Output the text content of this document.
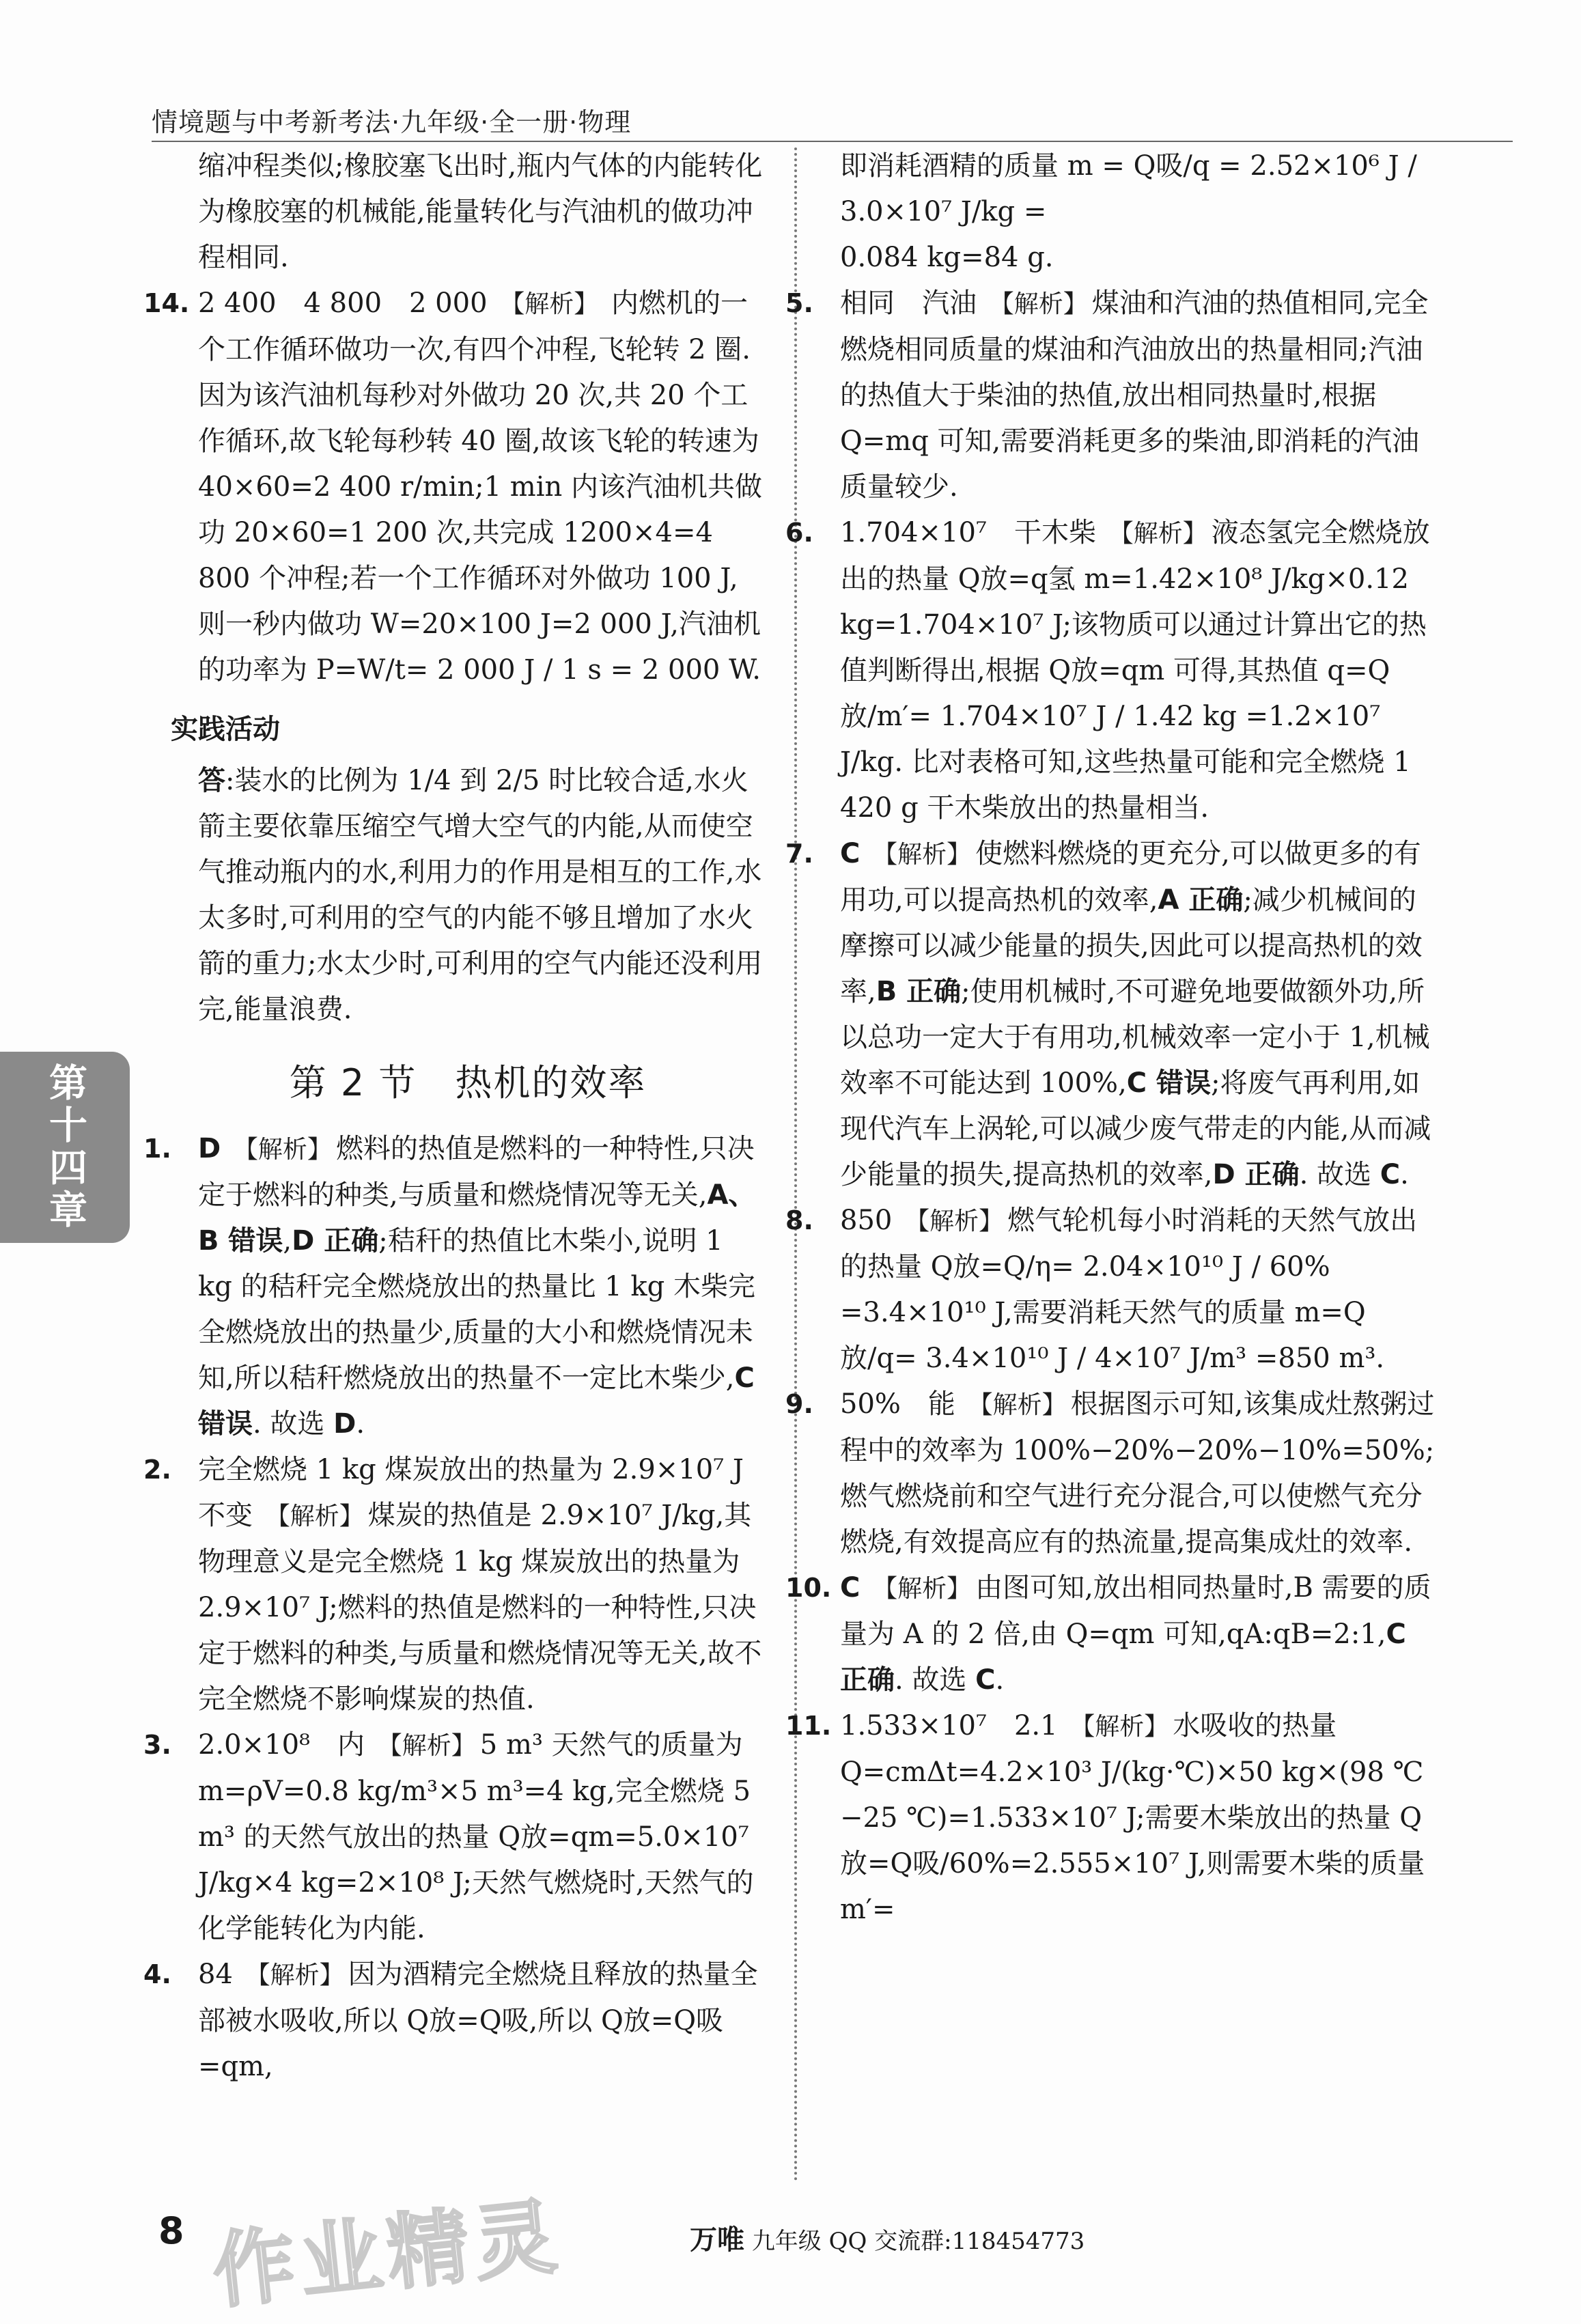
情境题与中考新考法·九年级·全一册·物理
第十四章

缩冲程类似;橡胶塞飞出时,瓶内气体的内能转化为橡胶塞的机械能,能量转化与汽油机的做功冲程相同.

14. 2 400　4 800　2 000 【解析】 内燃机的一个工作循环做功一次,有四个冲程,飞轮转 2 圈.因为该汽油机每秒对外做功 20 次,共 20 个工作循环,故飞轮每秒转 40 圈,故该飞轮的转速为 40×60=2 400 r/min;1 min 内该汽油机共做功 20×60=1 200 次,共完成 1200×4=4 800 个冲程;若一个工作循环对外做功 100 J,则一秒内做功 W=20×100 J=2 000 J,汽油机的功率为 P=W/t= 2 000 J / 1 s = 2 000 W.
实践活动
答:装水的比例为 1/4 到 2/5 时比较合适,水火箭主要依靠压缩空气增大空气的内能,从而使空气推动瓶内的水,利用力的作用是相互的工作,水太多时,可利用的空气的内能不够且增加了水火箭的重力;水太少时,可利用的空气内能还没利用完,能量浪费.
第 2 节　热机的效率
1. D 【解析】 燃料的热值是燃料的一种特性,只决定于燃料的种类,与质量和燃烧情况等无关,A、B 错误,D 正确;秸秆的热值比木柴小,说明 1 kg 的秸秆完全燃烧放出的热量比 1 kg 木柴完全燃烧放出的热量少,质量的大小和燃烧情况未知,所以秸秆燃烧放出的热量不一定比木柴少,C 错误. 故选 D.
2. 完全燃烧 1 kg 煤炭放出的热量为 2.9×10⁷ J　不变 【解析】 煤炭的热值是 2.9×10⁷ J/kg,其物理意义是完全燃烧 1 kg 煤炭放出的热量为 2.9×10⁷ J;燃料的热值是燃料的一种特性,只决定于燃料的种类,与质量和燃烧情况等无关,故不完全燃烧不影响煤炭的热值.
3. 2.0×10⁸　内 【解析】 5 m³ 天然气的质量为 m=ρV=0.8 kg/m³×5 m³=4 kg,完全燃烧 5 m³ 的天然气放出的热量 Q放=qm=5.0×10⁷ J/kg×4 kg=2×10⁸ J;天然气燃烧时,天然气的化学能转化为内能.
4. 84 【解析】 因为酒精完全燃烧且释放的热量全部被水吸收,所以 Q放=Q吸,所以 Q放=Q吸=qm,

即消耗酒精的质量 m = Q吸/q = 2.52×10⁶ J / 3.0×10⁷ J/kg =

0.084 kg=84 g.

5. 相同　汽油 【解析】 煤油和汽油的热值相同,完全燃烧相同质量的煤油和汽油放出的热量相同;汽油的热值大于柴油的热值,放出相同热量时,根据 Q=mq 可知,需要消耗更多的柴油,即消耗的汽油质量较少.
6. 1.704×10⁷　干木柴 【解析】 液态氢完全燃烧放出的热量 Q放=q氢 m=1.42×10⁸ J/kg×0.12 kg=1.704×10⁷ J;该物质可以通过计算出它的热值判断得出,根据 Q放=qm 可得,其热值 q=Q放/m′= 1.704×10⁷ J / 1.42 kg =1.2×10⁷ J/kg. 比对表格可知,这些热量可能和完全燃烧 1 420 g 干木柴放出的热量相当.
7. C 【解析】 使燃料燃烧的更充分,可以做更多的有用功,可以提高热机的效率,A 正确;减少机械间的摩擦可以减少能量的损失,因此可以提高热机的效率,B 正确;使用机械时,不可避免地要做额外功,所以总功一定大于有用功,机械效率一定小于 1,机械效率不可能达到 100%,C 错误;将废气再利用,如现代汽车上涡轮,可以减少废气带走的内能,从而减少能量的损失,提高热机的效率,D 正确. 故选 C.
8. 850 【解析】 燃气轮机每小时消耗的天然气放出的热量 Q放=Q/η= 2.04×10¹⁰ J / 60% =3.4×10¹⁰ J,需要消耗天然气的质量 m=Q放/q= 3.4×10¹⁰ J / 4×10⁷ J/m³ =850 m³.
9. 50%　能 【解析】 根据图示可知,该集成灶熬粥过程中的效率为 100%−20%−20%−10%=50%;燃气燃烧前和空气进行充分混合,可以使燃气充分燃烧,有效提高应有的热流量,提高集成灶的效率.
10. C 【解析】 由图可知,放出相同热量时,B 需要的质量为 A 的 2 倍,由 Q=qm 可知,qA:qB=2:1,C 正确. 故选 C.
11. 1.533×10⁷　2.1 【解析】 水吸收的热量 Q=cmΔt=4.2×10³ J/(kg·℃)×50 kg×(98 ℃−25 ℃)=1.533×10⁷ J;需要木柴放出的热量 Q放=Q吸/60%=2.555×10⁷ J,则需要木柴的质量 m′=
8 作业精灵	万唯 九年级 QQ 交流群:118454773
